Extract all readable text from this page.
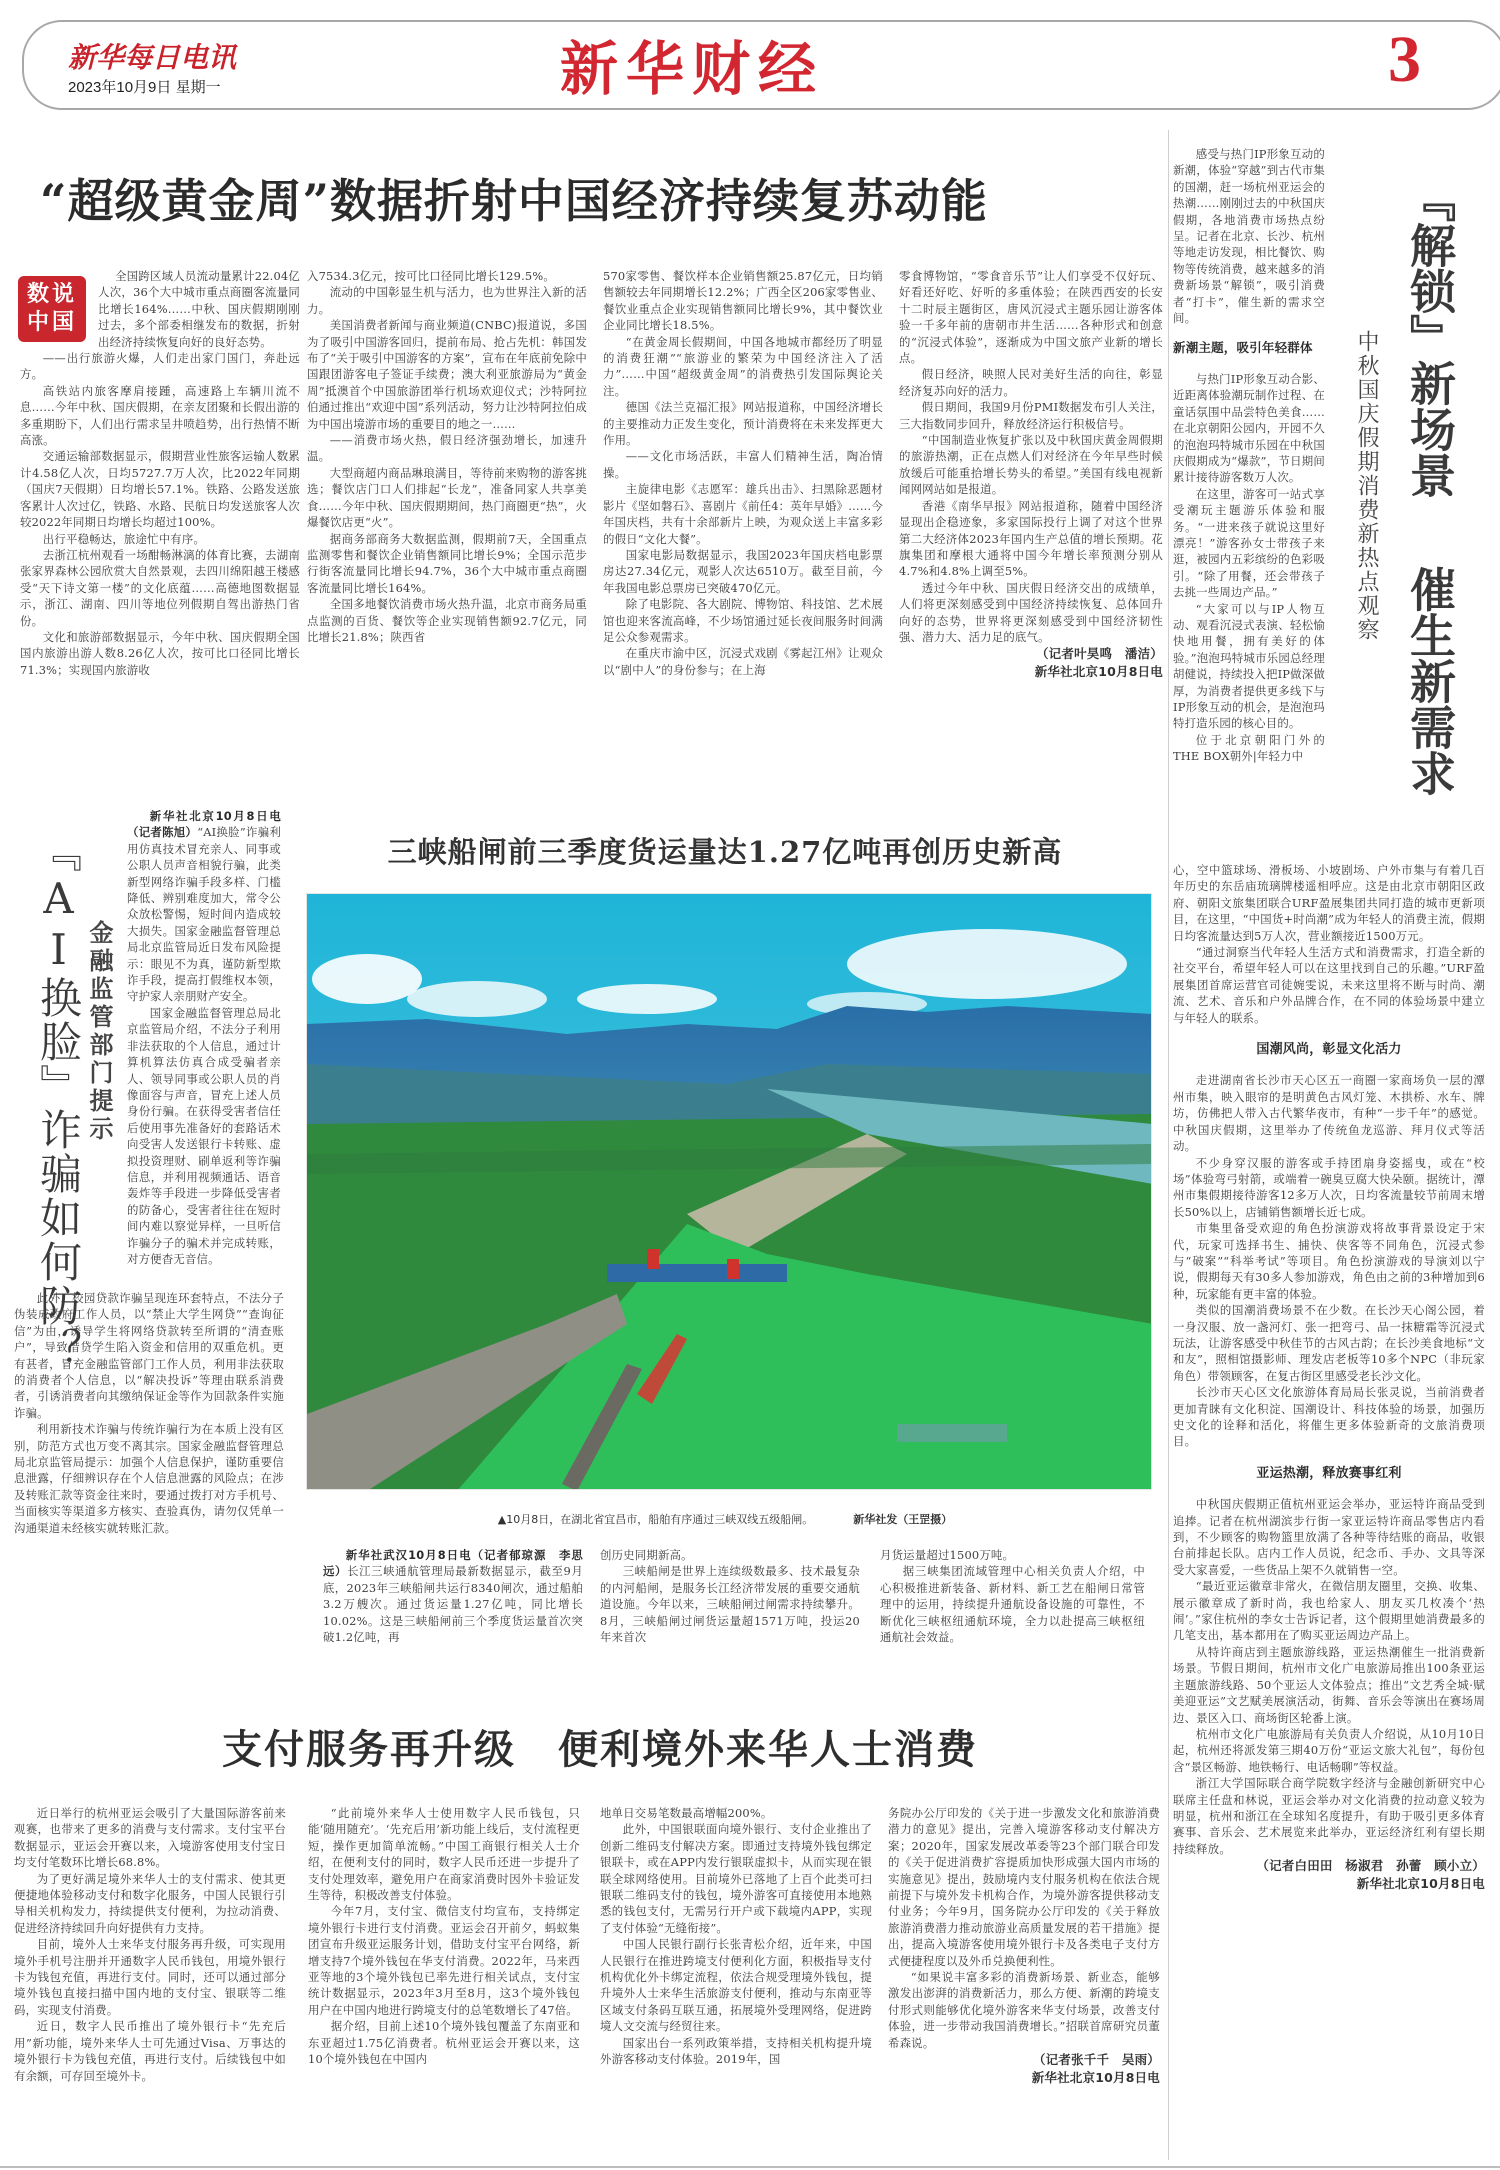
新华每日电讯
2023年10月9日 星期一	新华财经	3
“超级黄金周”数据折射中国经济持续复苏动能
数说中国
全国跨区域人员流动量累计22.04亿人次，36个大中城市重点商圈客流量同比增长164%……中秋、国庆假期刚刚过去，多个部委相继发布的数据，折射出经济持续恢复向好的良好态势。

——出行旅游火爆，人们走出家门国门，奔赴远方。

高铁站内旅客摩肩接踵，高速路上车辆川流不息……今年中秋、国庆假期，在亲友团聚和长假出游的多重期盼下，人们出行需求呈井喷趋势，出行热情不断高涨。

交通运输部数据显示，假期营业性旅客运输人数累计4.58亿人次，日均5727.7万人次，比2022年同期（国庆7天假期）日均增长57.1%。铁路、公路发送旅客累计人次过亿，铁路、水路、民航日均发送旅客人次较2022年同期日均增长均超过100%。

出行平稳畅达，旅途忙中有序。

去浙江杭州观看一场酣畅淋漓的体育比赛，去湖南张家界森林公园欣赏大自然景观，去四川绵阳越王楼感受“天下诗文第一楼”的文化底蕴……高德地图数据显示，浙江、湖南、四川等地位列假期自驾出游热门省份。

文化和旅游部数据显示，今年中秋、国庆假期全国国内旅游出游人数8.26亿人次，按可比口径同比增长71.3%；实现国内旅游收

入7534.3亿元，按可比口径同比增长129.5%。

流动的中国彰显生机与活力，也为世界注入新的活力。

美国消费者新闻与商业频道(CNBC)报道说，多国为了吸引中国游客回归，提前布局、抢占先机：韩国发布了“关于吸引中国游客的方案”，宣布在年底前免除中国跟团游客电子签证手续费；澳大利亚旅游局为“黄金周”抵澳首个中国旅游团举行机场欢迎仪式；沙特阿拉伯通过推出“欢迎中国”系列活动，努力让沙特阿拉伯成为中国出境游市场的重要目的地之一……

——消费市场火热，假日经济强劲增长，加速升温。

大型商超内商品琳琅满目，等待前来购物的游客挑选；餐饮店门口人们排起“长龙”，准备同家人共享美食……今年中秋、国庆假期期间，热门商圈更“热”，火爆餐饮店更“火”。

据商务部商务大数据监测，假期前7天，全国重点监测零售和餐饮企业销售额同比增长9%；全国示范步行街客流量同比增长94.7%，36个大中城市重点商圈客流量同比增长164%。

全国多地餐饮消费市场火热升温，北京市商务局重点监测的百货、餐饮等企业实现销售额92.7亿元，同比增长21.8%；陕西省

570家零售、餐饮样本企业销售额25.87亿元，日均销售额较去年同期增长12.2%；广西全区206家零售业、餐饮业重点企业实现销售额同比增长9%，其中餐饮业企业同比增长18.5%。

“在黄金周长假期间，中国各地城市都经历了明显的消费狂潮”“旅游业的繁荣为中国经济注入了活力”……中国“超级黄金周”的消费热引发国际舆论关注。

德国《法兰克福汇报》网站报道称，中国经济增长的主要推动力正发生变化，预计消费将在未来发挥更大作用。

——文化市场活跃，丰富人们精神生活，陶冶情操。

主旋律电影《志愿军：雄兵出击》、扫黑除恶题材影片《坚如磐石》、喜剧片《前任4：英年早婚》……今年国庆档，共有十余部新片上映，为观众送上丰富多彩的假日“文化大餐”。

国家电影局数据显示，我国2023年国庆档电影票房达27.34亿元，观影人次达6510万。截至目前，今年我国电影总票房已突破470亿元。

除了电影院、各大剧院、博物馆、科技馆、艺术展馆也迎来客流高峰，不少场馆通过延长夜间服务时间满足公众参观需求。

在重庆市渝中区，沉浸式戏剧《雾起江州》让观众以“剧中人”的身份参与；在上海

零食博物馆，“零食音乐节”让人们享受不仅好玩、好看还好吃、好听的多重体验；在陕西西安的长安十二时辰主题街区，唐风沉浸式主题乐园让游客体验一千多年前的唐朝市井生活……各种形式和创意的“沉浸式体验”，逐渐成为中国文旅产业新的增长点。

假日经济，映照人民对美好生活的向往，彰显经济复苏向好的活力。

假日期间，我国9月份PMI数据发布引人关注，三大指数同步回升，释放经济运行积极信号。

“中国制造业恢复扩张以及中秋国庆黄金周假期的旅游热潮，正在点燃人们对经济在今年早些时候放缓后可能重拾增长势头的希望。”美国有线电视新闻网网站如是报道。

香港《南华早报》网站报道称，随着中国经济显现出企稳迹象，多家国际投行上调了对这个世界第二大经济体2023年国内生产总值的增长预期。花旗集团和摩根大通将中国今年增长率预测分别从4.7%和4.8%上调至5%。

透过今年中秋、国庆假日经济交出的成绩单，人们将更深刻感受到中国经济持续恢复、总体回升向好的态势，世界将更深刻感受到中国经济韧性强、潜力大、活力足的底气。

（记者叶昊鸣　潘洁）
新华社北京10月8日电
『AI换脸』诈骗如何防？ 金融监管部门提示

新华社北京10月8日电（记者陈旭）“AI换脸”诈骗利用仿真技术冒充亲人、同事或公职人员声音相貌行骗，此类新型网络诈骗手段多样、门槛降低、辨别难度加大，常令公众放松警惕，短时间内造成较大损失。国家金融监督管理总局北京监管局近日发布风险提示：眼见不为真，谨防新型欺诈手段，提高打假维权本领，守护家人亲朋财产安全。

国家金融监督管理总局北京监管局介绍，不法分子利用非法获取的个人信息，通过计算机算法仿真合成受骗者亲人、领导同事或公职人员的肖像面容与声音，冒充上述人员身份行骗。在获得受害者信任后使用事先准备好的套路话术向受害人发送银行卡转账、虚拟投资理财、刷单返利等诈骗信息，并利用视频通话、语音轰炸等手段进一步降低受害者的防备心，受害者往往在短时间内难以察觉异样，一旦听信诈骗分子的骗术并完成转账，对方便杳无音信。

此外，校园贷款诈骗呈现连环套特点，不法分子伪装成政府工作人员，以“禁止大学生网贷”“查询征信”为由，诱导学生将网络贷款转至所谓的“清查账户”，导致借贷学生陷入资金和信用的双重危机。更有甚者，冒充金融监管部门工作人员，利用非法获取的消费者个人信息，以“解决投诉”等理由联系消费者，引诱消费者向其缴纳保证金等作为回款条件实施诈骗。

利用新技术诈骗与传统诈骗行为在本质上没有区别，防范方式也万变不离其宗。国家金融监督管理总局北京监管局提示：加强个人信息保护，谨防重要信息泄露，仔细辨识存在个人信息泄露的风险点；在涉及转账汇款等资金往来时，要通过拨打对方手机号、当面核实等渠道多方核实、查验真伪，请勿仅凭单一沟通渠道未经核实就转账汇款。

三峡船闸前三季度货运量达1.27亿吨再创历史新高
▲10月8日，在湖北省宜昌市，船舶有序通过三峡双线五级船闸。	新华社发（王罡摄）

新华社武汉10月8日电（记者郁琼源　李思远）长江三峡通航管理局最新数据显示，截至9月底，2023年三峡船闸共运行8340闸次，通过船舶3.2万艘次。通过货运量1.27亿吨，同比增长10.02%。这是三峡船闸前三个季度货运量首次突破1.2亿吨，再

创历史同期新高。

三峡船闸是世界上连续级数最多、技术最复杂的内河船闸，是服务长江经济带发展的重要交通航道设施。今年以来，三峡船闸过闸需求持续攀升。8月，三峡船闸过闸货运量超1571万吨，投运20年来首次

月货运量超过1500万吨。

据三峡集团流域管理中心相关负责人介绍，中心积极推进新装备、新材料、新工艺在船闸日常管理中的运用，持续提升通航设备设施的可靠性，不断优化三峡枢纽通航环境，全力以赴提高三峡枢纽通航社会效益。

感受与热门IP形象互动的新潮，体验“穿越”到古代市集的国潮，赶一场杭州亚运会的热潮……刚刚过去的中秋国庆假期，各地消费市场热点纷呈。记者在北京、长沙、杭州等地走访发现，相比餐饮、购物等传统消费，越来越多的消费新场景“解锁”，吸引消费者“打卡”，催生新的需求空间。

新潮主题，吸引年轻群体

与热门IP形象互动合影、近距离体验潮玩制作过程、在童话氛围中品尝特色美食……在北京朝阳公园内，开园不久的泡泡玛特城市乐园在中秋国庆假期成为“爆款”，节日期间累计接待游客数万人次。

在这里，游客可一站式享受潮玩主题游乐体验和服务。“一进来孩子就说这里好漂亮！”游客孙女士带孩子来逛，被园内五彩缤纷的色彩吸引。“除了用餐，还会带孩子去挑一些周边产品。”

“大家可以与IP人物互动、观看沉浸式表演、轻松愉快地用餐，拥有美好的体验。”泡泡玛特城市乐园总经理胡健说，持续投入把IP做深做厚，为消费者提供更多线下与IP形象互动的机会，是泡泡玛特打造乐园的核心目的。

位于北京朝阳门外的THE BOX朝外|年轻力中

『解锁』新场景
催生新需求
中秋国庆假期消费新热点观察

心，空中篮球场、滑板场、小坡剧场、户外市集与有着几百年历史的东岳庙琉璃牌楼遥相呼应。这是由北京市朝阳区政府、朝阳文旅集团联合URF盈展集团共同打造的城市更新项目，在这里，“中国货+时尚潮”成为年轻人的消费主流，假期日均客流量达到5万人次，营业额接近1500万元。

“通过洞察当代年轻人生活方式和消费需求，打造全新的社交平台，希望年轻人可以在这里找到自己的乐趣。”URF盈展集团首席运营官司徒婉雯说，未来这里将不断与时尚、潮流、艺术、音乐和户外品牌合作，在不同的体验场景中建立与年轻人的联系。

国潮风尚，彰显文化活力

走进湖南省长沙市天心区五一商圈一家商场负一层的潭州市集，映入眼帘的是明黄色古风灯笼、木拱桥、水车、牌坊，仿佛把人带入古代繁华夜市，有种“一步千年”的感觉。中秋国庆假期，这里举办了传统鱼龙巡游、拜月仪式等活动。

不少身穿汉服的游客或手持团扇身姿摇曳，或在“校场”体验弯弓射箭，或端着一碗臭豆腐大快朵颐。据统计，潭州市集假期接待游客12多万人次，日均客流量较节前周末增长50%以上，店铺销售额增长近七成。

市集里备受欢迎的角色扮演游戏将故事背景设定于宋代，玩家可选择书生、捕快、侠客等不同角色，沉浸式参与“破案”“科举考试”等项目。角色扮演游戏的导演刘以宁说，假期每天有30多人参加游戏，角色由之前的3种增加到6种，玩家能有更丰富的体验。

类似的国潮消费场景不在少数。在长沙天心阁公园，着一身汉服、放一盏河灯、张一把弯弓、品一抹糖霜等沉浸式玩法，让游客感受中秋佳节的古风古韵；在长沙美食地标“文和友”，照相馆摄影师、理发店老板等10多个NPC（非玩家角色）带领顾客，在复古街区里感受老长沙文化。

长沙市天心区文化旅游体育局局长张灵说，当前消费者更加青睐有文化积淀、国潮设计、科技体验的场景，加强历史文化的诠释和活化，将催生更多体验新奇的文旅消费项目。

亚运热潮，释放赛事红利

中秋国庆假期正值杭州亚运会举办，亚运特许商品受到追捧。记者在杭州湖滨步行街一家亚运特许商品零售店内看到，不少顾客的购物篮里放满了各种等待结账的商品，收银台前排起长队。店内工作人员说，纪念币、手办、文具等深受大家喜爱，一些货品上架不久就销售一空。

“最近亚运徽章非常火，在微信朋友圈里，交换、收集、展示徽章成了新时尚，我也给家人、朋友买几枚凑个‘热闹’。”家住杭州的李女士告诉记者，这个假期里她消费最多的几笔支出，基本都用在了购买亚运周边产品上。

从特许商店到主题旅游线路，亚运热潮催生一批消费新场景。节假日期间，杭州市文化广电旅游局推出100条亚运主题旅游线路、50个亚运人文体验点；推出“文艺秀全城·赋美迎亚运”文艺赋美展演活动，街舞、音乐会等演出在赛场周边、景区入口、商场街区轮番上演。

杭州市文化广电旅游局有关负责人介绍说，从10月10日起，杭州还将派发第三期40万份“亚运文旅大礼包”，每份包含“景区畅游、地铁畅行、电话畅聊”等权益。

浙江大学国际联合商学院数字经济与金融创新研究中心联席主任盘和林说，亚运会举办对文化消费的拉动意义较为明显，杭州和浙江在全球知名度提升，有助于吸引更多体育赛事、音乐会、艺术展览来此举办，亚运经济红利有望长期持续释放。

（记者白田田　杨淑君　孙蕾　顾小立）
新华社北京10月8日电
支付服务再升级　便利境外来华人士消费

近日举行的杭州亚运会吸引了大量国际游客前来观赛，也带来了更多的消费与支付需求。支付宝平台数据显示，亚运会开赛以来，入境游客使用支付宝日均支付笔数环比增长68.8%。

为了更好满足境外来华人士的支付需求、使其更便捷地体验移动支付和数字化服务，中国人民银行引导相关机构发力，持续提供支付便利，为拉动消费、促进经济持续回升向好提供有力支持。

目前，境外人士来华支付服务再升级，可实现用境外手机号注册并开通数字人民币钱包，用境外银行卡为钱包充值，再进行支付。同时，还可以通过部分境外钱包直接扫描中国内地的支付宝、银联等二维码，实现支付消费。

近日，数字人民币推出了境外银行卡“先充后用”新功能，境外来华人士可先通过Visa、万事达的境外银行卡为钱包充值，再进行支付。后续钱包中如有余额，可存回至境外卡。

“此前境外来华人士使用数字人民币钱包，只能‘随用随充’。‘先充后用’新功能上线后，支付流程更短，操作更加简单流畅。”中国工商银行相关人士介绍，在便利支付的同时，数字人民币还进一步提升了支付处理效率，避免用户在商家消费时因外卡验证发生等待，积极改善支付体验。

今年7月，支付宝、微信支付均宣布，支持绑定境外银行卡进行支付消费。亚运会召开前夕，蚂蚁集团宣布升级亚运服务计划，借助支付宝平台网络，新增支持7个境外钱包在华支付消费。2022年，马来西亚等地的3个境外钱包已率先进行相关试点，支付宝统计数据显示，2023年3月至8月，这3个境外钱包用户在中国内地进行跨境支付的总笔数增长了47倍。

据介绍，目前上述10个境外钱包覆盖了东南亚和东亚超过1.75亿消费者。杭州亚运会开赛以来，这10个境外钱包在中国内

地单日交易笔数最高增幅200%。

此外，中国银联面向境外银行、支付企业推出了创新二维码支付解决方案。即通过支持境外钱包绑定银联卡，或在APP内发行银联虚拟卡，从而实现在银联全球网络使用。目前境外已落地了上百个此类可扫银联二维码支付的钱包，境外游客可直接使用本地熟悉的钱包支付，无需另行开户或下载境内APP，实现了支付体验“无缝衔接”。

中国人民银行副行长张青松介绍，近年来，中国人民银行在推进跨境支付便利化方面，积极指导支付机构优化外卡绑定流程，依法合规受理境外钱包，提升境外人士来华生活旅游支付便利，推动与东南亚等区域支付条码互联互通，拓展境外受理网络，促进跨境人文交流与经贸往来。

国家出台一系列政策举措，支持相关机构提升境外游客移动支付体验。2019年，国

务院办公厅印发的《关于进一步激发文化和旅游消费潜力的意见》提出，完善入境游客移动支付解决方案；2020年，国家发展改革委等23个部门联合印发的《关于促进消费扩容提质加快形成强大国内市场的实施意见》提出，鼓励境内支付服务机构在依法合规前提下与境外发卡机构合作，为境外游客提供移动支付业务；今年9月，国务院办公厅印发的《关于释放旅游消费潜力推动旅游业高质量发展的若干措施》提出，提高入境游客使用境外银行卡及各类电子支付方式便捷程度以及外币兑换便利性。

“如果说丰富多彩的消费新场景、新业态，能够激发出澎湃的消费新活力，那么方便、新潮的跨境支付形式则能够优化境外游客来华支付场景，改善支付体验，进一步带动我国消费增长。”招联首席研究员董希森说。

（记者张千千　吴雨）
新华社北京10月8日电
